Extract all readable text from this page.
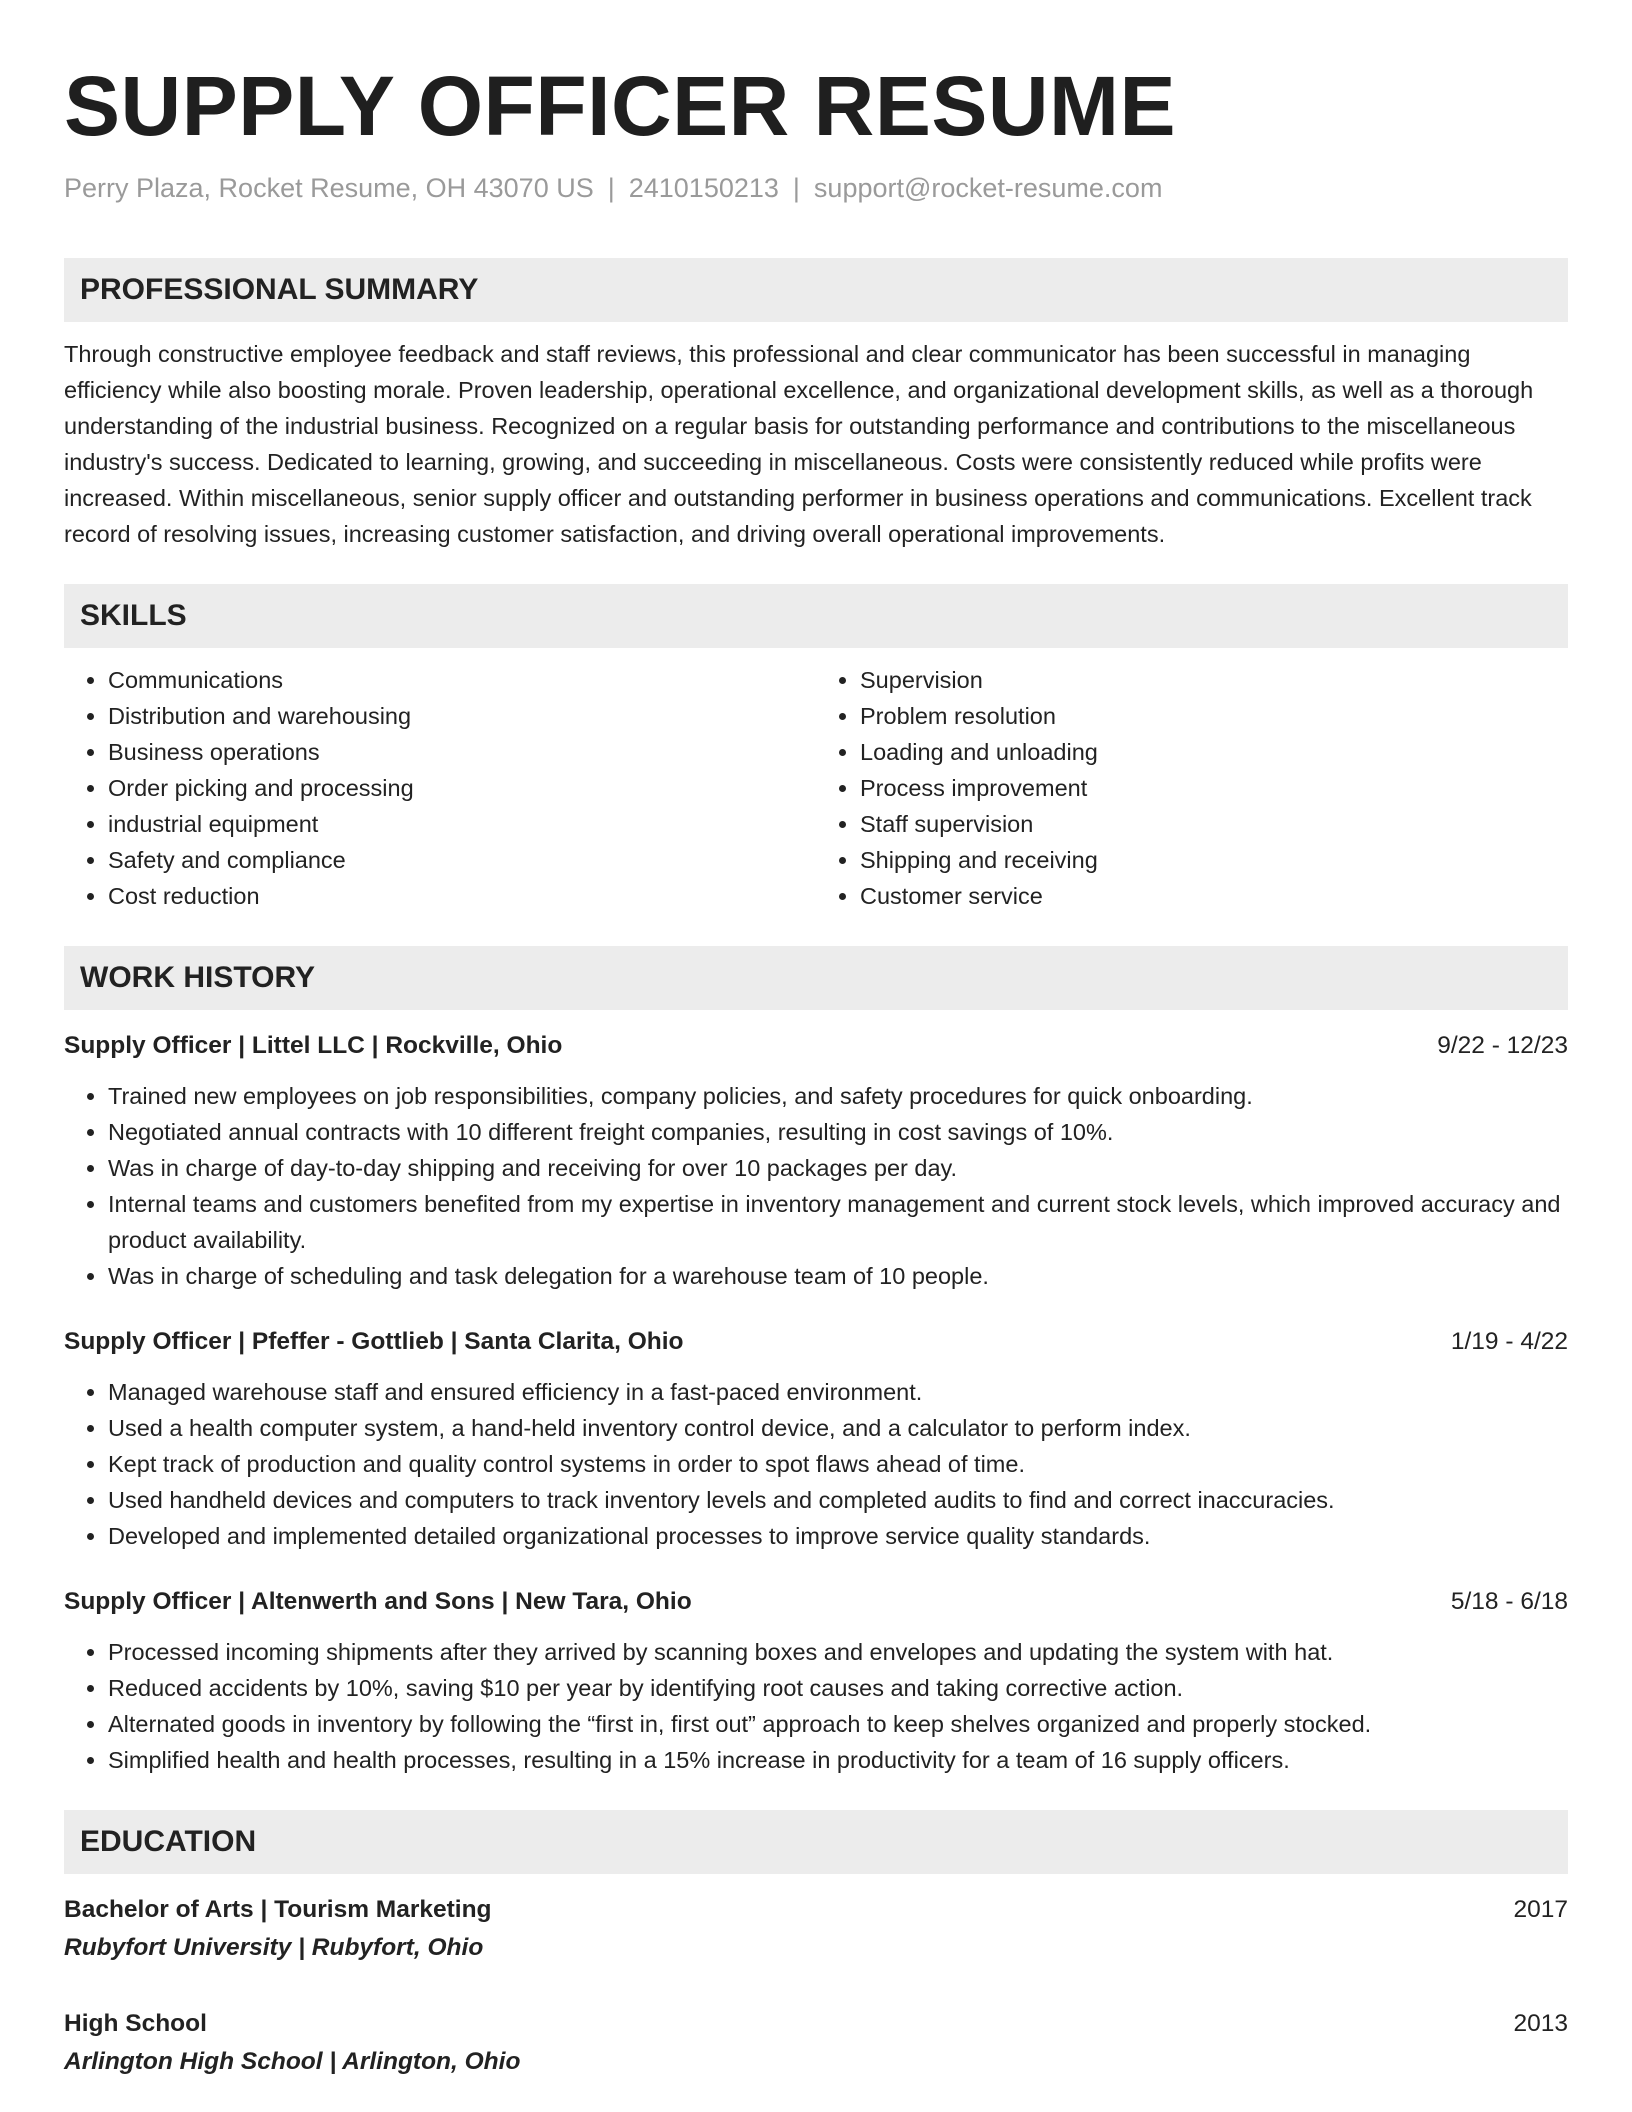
SUPPLY OFFICER RESUME
Perry Plaza, Rocket Resume, OH 43070 US | 2410150213 | support@rocket-resume.com
PROFESSIONAL SUMMARY
Through constructive employee feedback and staff reviews, this professional and clear communicator has been successful in managing efficiency while also boosting morale. Proven leadership, operational excellence, and organizational development skills, as well as a thorough understanding of the industrial business. Recognized on a regular basis for outstanding performance and contributions to the miscellaneous industry's success. Dedicated to learning, growing, and succeeding in miscellaneous. Costs were consistently reduced while profits were increased. Within miscellaneous, senior supply officer and outstanding performer in business operations and communications. Excellent track record of resolving issues, increasing customer satisfaction, and driving overall operational improvements.
SKILLS
• Communications
• Distribution and warehousing
• Business operations
• Order picking and processing
• industrial equipment
• Safety and compliance
• Cost reduction
• Supervision
• Problem resolution
• Loading and unloading
• Process improvement
• Staff supervision
• Shipping and receiving
• Customer service
WORK HISTORY
Supply Officer | Littel LLC | Rockville, Ohio	9/22 - 12/23
• Trained new employees on job responsibilities, company policies, and safety procedures for quick onboarding.
• Negotiated annual contracts with 10 different freight companies, resulting in cost savings of 10%.
• Was in charge of day-to-day shipping and receiving for over 10 packages per day.
• Internal teams and customers benefited from my expertise in inventory management and current stock levels, which improved accuracy and product availability.
• Was in charge of scheduling and task delegation for a warehouse team of 10 people.
Supply Officer | Pfeffer - Gottlieb | Santa Clarita, Ohio	1/19 - 4/22
• Managed warehouse staff and ensured efficiency in a fast-paced environment.
• Used a health computer system, a hand-held inventory control device, and a calculator to perform index.
• Kept track of production and quality control systems in order to spot flaws ahead of time.
• Used handheld devices and computers to track inventory levels and completed audits to find and correct inaccuracies.
• Developed and implemented detailed organizational processes to improve service quality standards.
Supply Officer | Altenwerth and Sons | New Tara, Ohio	5/18 - 6/18
• Processed incoming shipments after they arrived by scanning boxes and envelopes and updating the system with hat.
• Reduced accidents by 10%, saving $10 per year by identifying root causes and taking corrective action.
• Alternated goods in inventory by following the “first in, first out” approach to keep shelves organized and properly stocked.
• Simplified health and health processes, resulting in a 15% increase in productivity for a team of 16 supply officers.
EDUCATION
Bachelor of Arts | Tourism Marketing	2017
Rubyfort University | Rubyfort, Ohio
High School	2013
Arlington High School | Arlington, Ohio
